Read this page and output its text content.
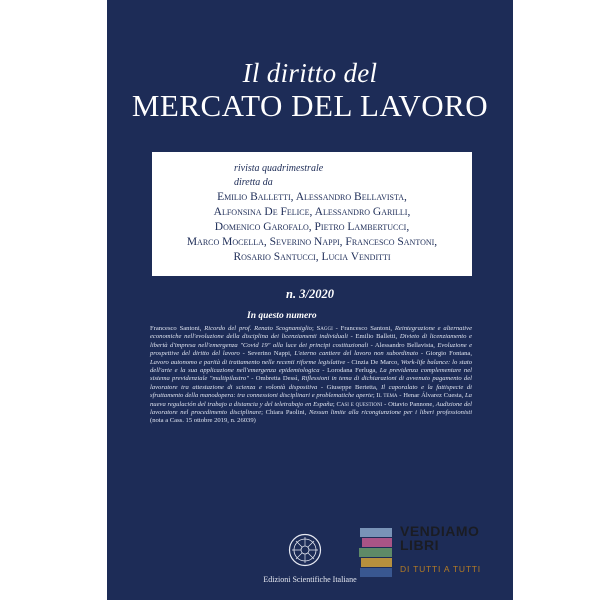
Il diritto del
MERCATO DEL LAVORO
rivista quadrimestrale
diretta da
Emilio Balletti, Alessandro Bellavista,
Alfonsina De Felice, Alessandro Garilli,
Domenico Garofalo, Pietro Lambertucci,
Marco Mocella, Severino Nappi, Francesco Santoni,
Rosario Santucci, Lucia Venditti
n. 3/2020
In questo numero
Francesco Santoni, Ricordo del prof. Renato Scognamiglio; Saggi - Francesco Santoni, Reintegrazione e alternative economiche nell'evoluzione della disciplina dei licenziamenti individuali - Emilio Balletti, Divieto di licenziamento e libertà d'impresa nell'emergenza "Covid 19" alla luce dei principi costituzionali - Alessandro Bellavista, Evoluzione e prospettive del diritto del lavoro - Severino Nappi, L'eterno cantiere del lavoro non subordinato - Giorgio Fontana, Lavoro autonomo e parità di trattamento nelle recenti riforme legislative - Cinzia De Marco, Work-life balance: lo stato dell'arte e la sua applicazione nell'emergenza epidemiologica - Lorodana Ferluga, La previdenza complementare nel sistema previdenziale "multipilastro" - Ombretta Dessì, Riflessioni in tema di dichiarazioni di avvenuto pagamento del lavoratore tra attestazione di scienza e volontà dispositiva - Giuseppe Bertetta, Il caporalato e la fattispecie di sfruttamento della manodopera: tra connessioni disciplinari e problematiche aperte; Il tema - Henar Álvarez Cuesta, La nueva regulación del trabajo a distancia y del teletrabajo en España; Casi e questioni - Ottavio Pannone, Audizione del lavoratore nel procedimento disciplinare; Chiara Paolini, Nessun limite alla ricongiunzione per i liberi professionisti (nota a Cass. 15 ottobre 2019, n. 26039)
Edizioni Scientifiche Italiane
VENDIAMO
LIBRI
DI TUTTI A TUTTI
